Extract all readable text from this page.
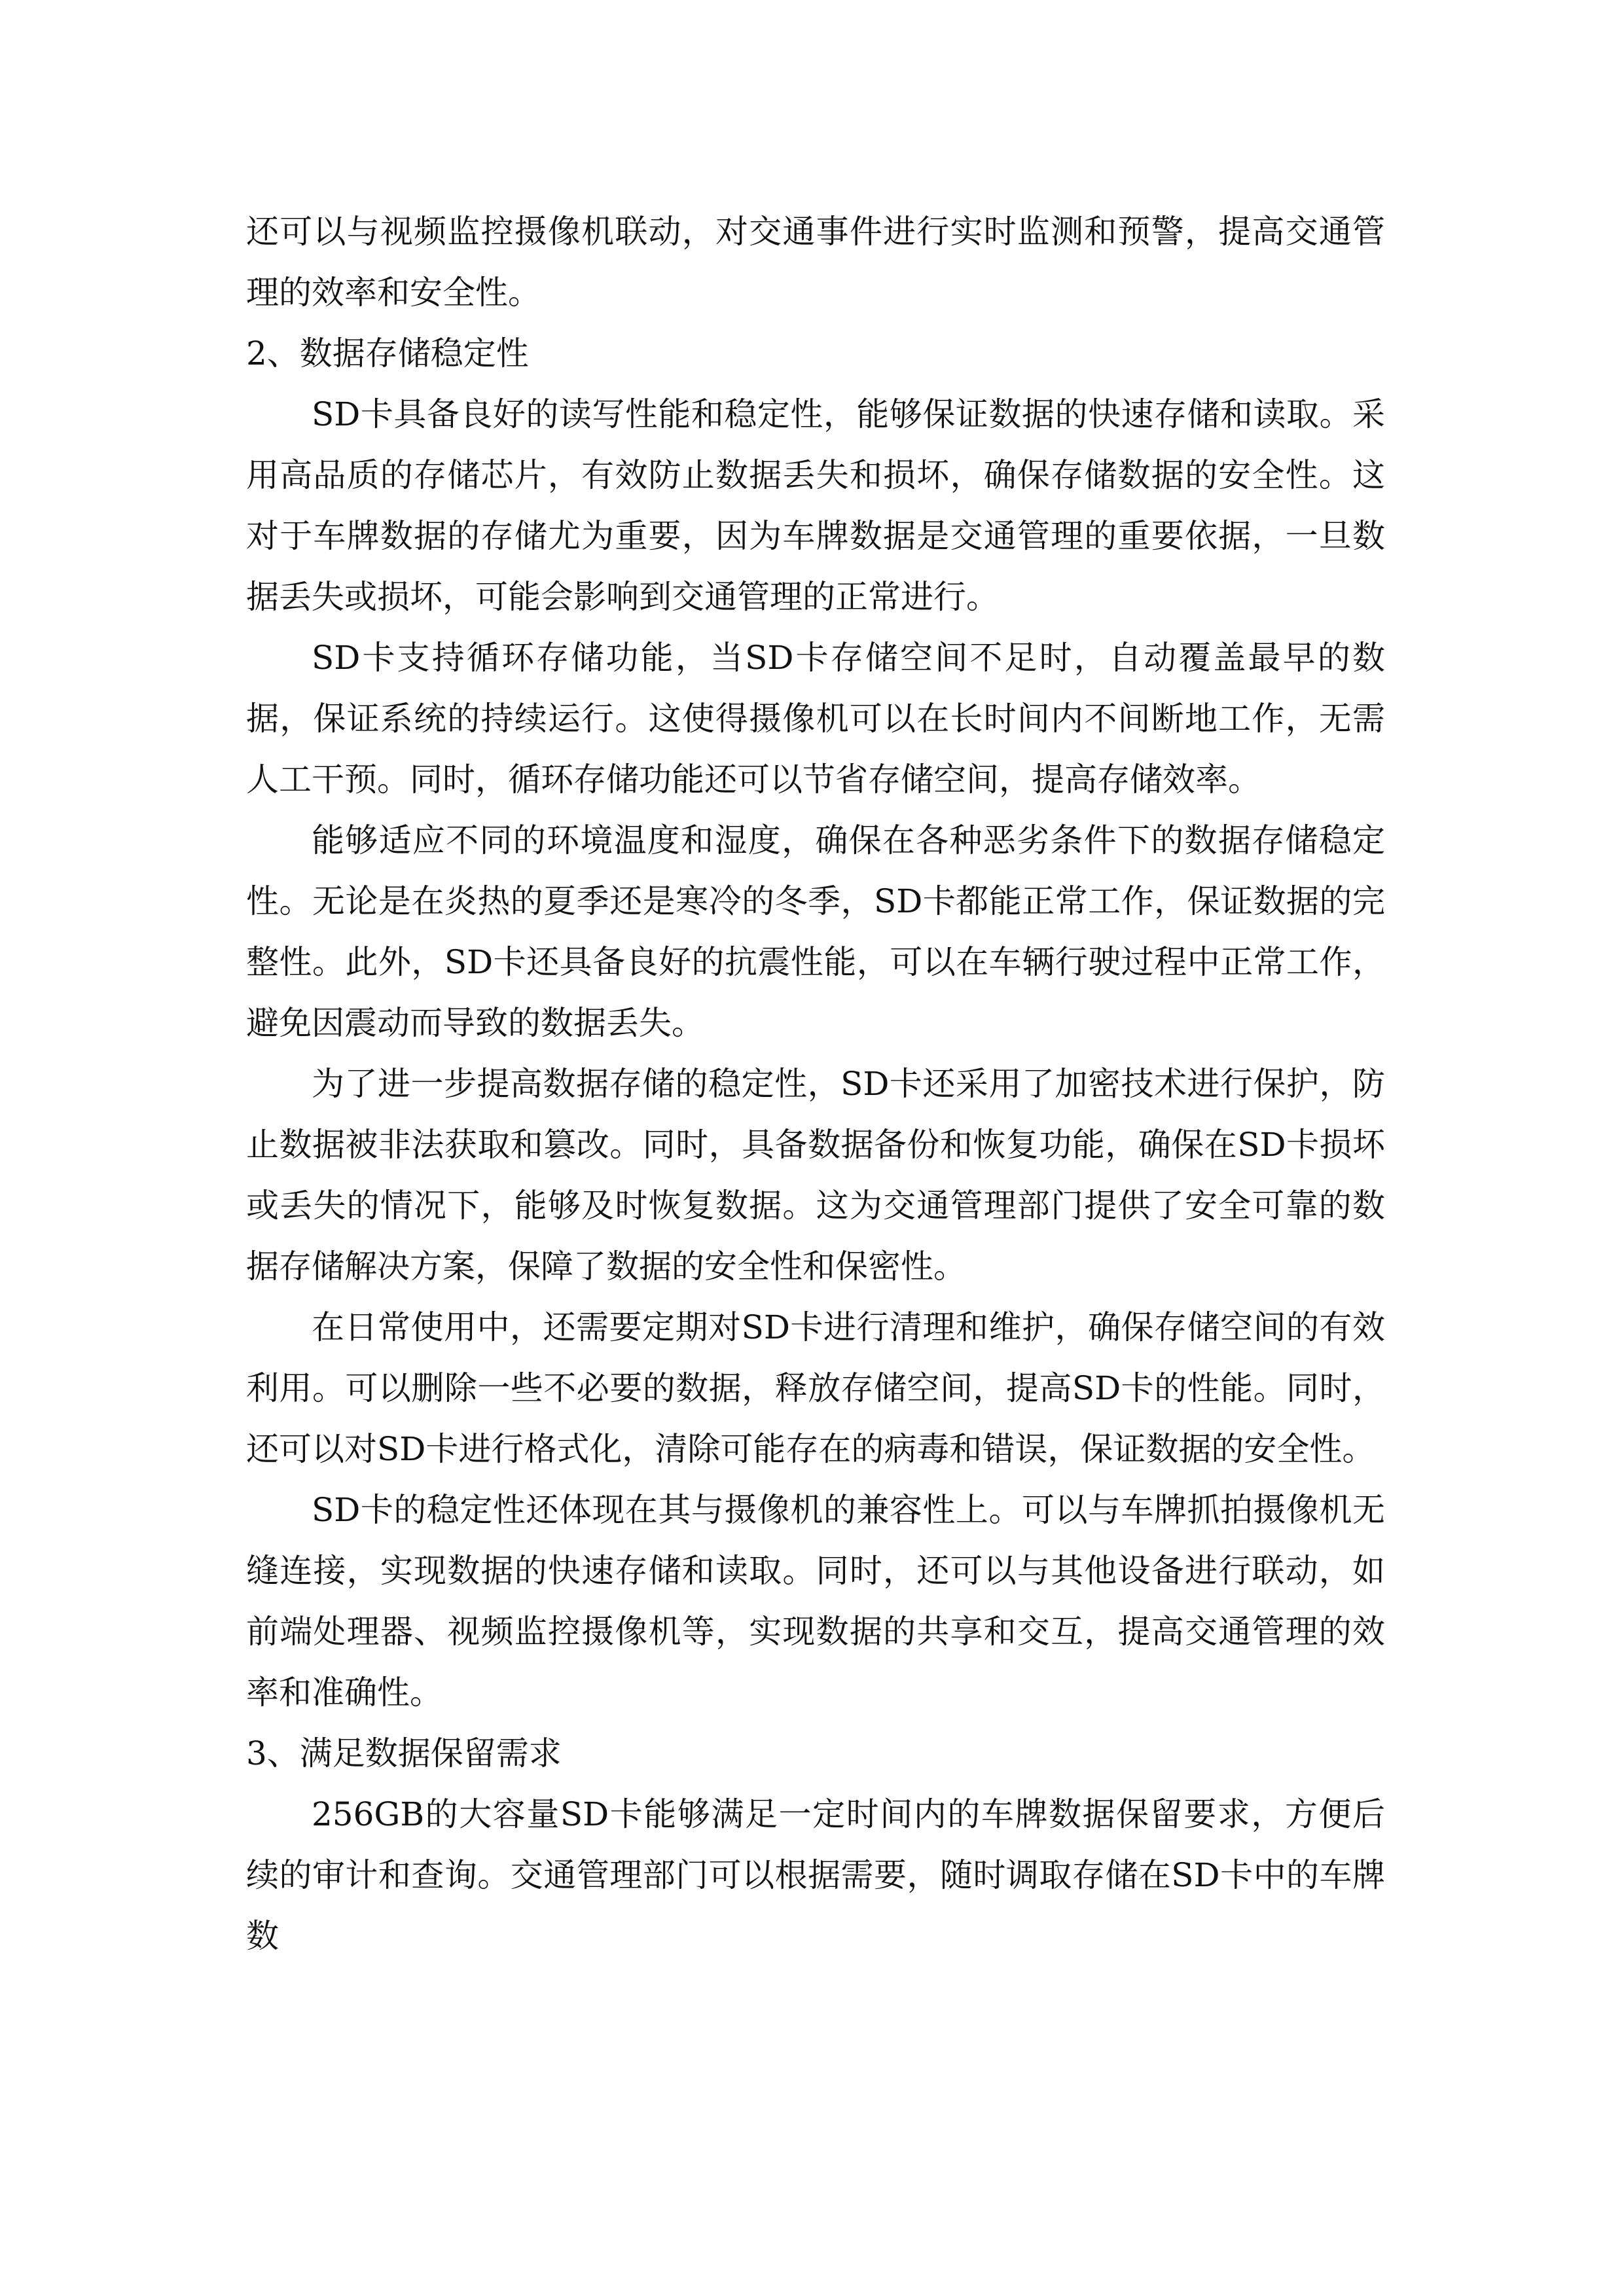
还可以与视频监控摄像机联动，对交通事件进行实时监测和预警，提高交通管理的效率和安全性。

2、数据存储稳定性

SD卡具备良好的读写性能和稳定性，能够保证数据的快速存储和读取。采用高品质的存储芯片，有效防止数据丢失和损坏，确保存储数据的安全性。这对于车牌数据的存储尤为重要，因为车牌数据是交通管理的重要依据，一旦数据丢失或损坏，可能会影响到交通管理的正常进行。

SD卡支持循环存储功能，当SD卡存储空间不足时，自动覆盖最早的数据，保证系统的持续运行。这使得摄像机可以在长时间内不间断地工作，无需人工干预。同时，循环存储功能还可以节省存储空间，提高存储效率。

能够适应不同的环境温度和湿度，确保在各种恶劣条件下的数据存储稳定性。无论是在炎热的夏季还是寒冷的冬季，SD卡都能正常工作，保证数据的完整性。此外，SD卡还具备良好的抗震性能，可以在车辆行驶过程中正常工作，避免因震动而导致的数据丢失。

为了进一步提高数据存储的稳定性，SD卡还采用了加密技术进行保护，防止数据被非法获取和篡改。同时，具备数据备份和恢复功能，确保在SD卡损坏或丢失的情况下，能够及时恢复数据。这为交通管理部门提供了安全可靠的数据存储解决方案，保障了数据的安全性和保密性。

在日常使用中，还需要定期对SD卡进行清理和维护，确保存储空间的有效利用。可以删除一些不必要的数据，释放存储空间，提高SD卡的性能。同时，还可以对SD卡进行格式化，清除可能存在的病毒和错误，保证数据的安全性。

SD卡的稳定性还体现在其与摄像机的兼容性上。可以与车牌抓拍摄像机无缝连接，实现数据的快速存储和读取。同时，还可以与其他设备进行联动，如前端处理器、视频监控摄像机等，实现数据的共享和交互，提高交通管理的效率和准确性。

3、满足数据保留需求

256GB的大容量SD卡能够满足一定时间内的车牌数据保留要求，方便后续的审计和查询。交通管理部门可以根据需要，随时调取存储在SD卡中的车牌数
